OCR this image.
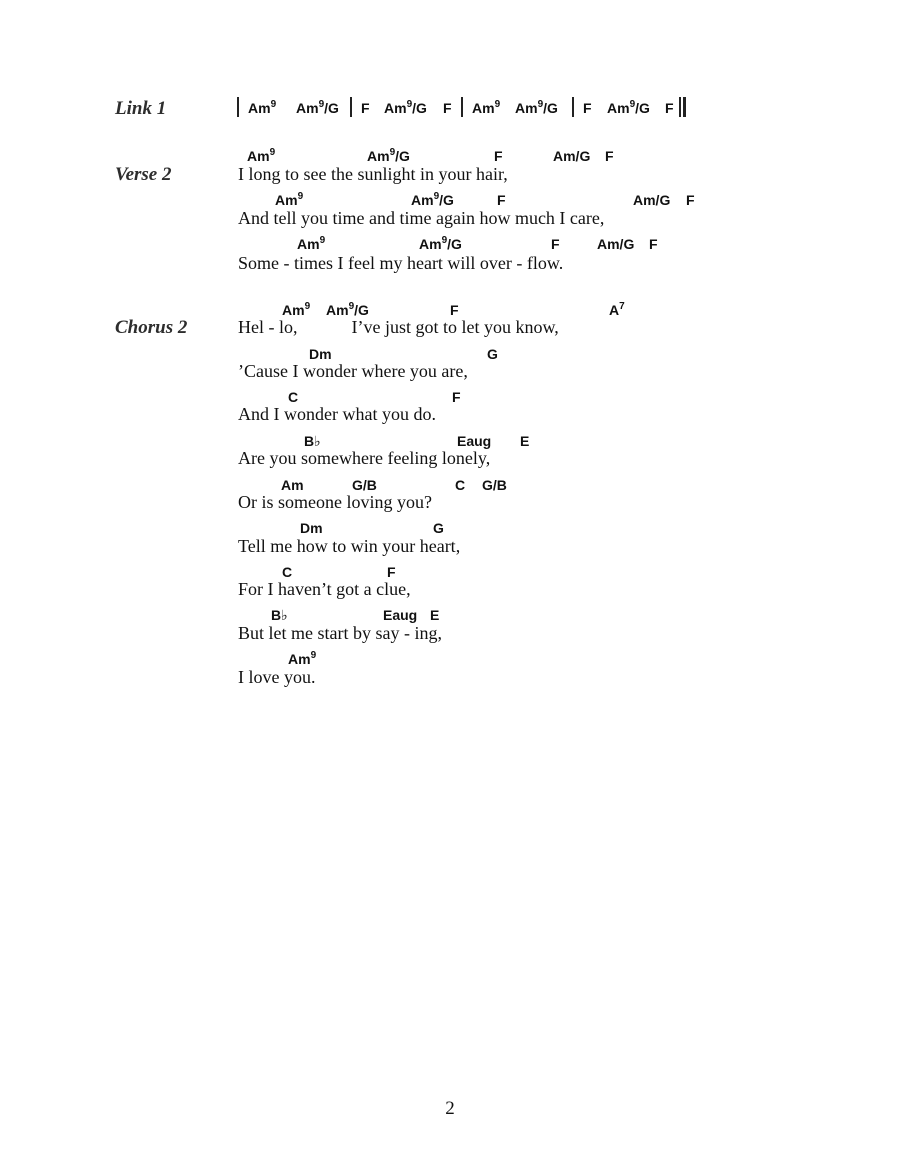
Link 1	Am$^9$ Am$^9$/G F Am$^9$/G F Am$^9$ Am$^9$/G F Am$^9$/G F
Verse 2
Am$^9$	Am$^9$/G	F	Am/G F
I long to see the sunlight in your hair,
Am$^9$	Am$^9$/G	F	Am/G F
And tell you time and time again how much I care,
Am$^9$	Am$^9$/G	F	Am/G F
Some - times I feel my heart will over - flow.
Chorus 2
Am$^9$ Am$^9$/G	F	$A^7$
Hel - lo,            I’ve just got to let you know,
Dm	G
’Cause I wonder where you are,
C	F
And I wonder what you do.
B♭	Eaug E
Are you somewhere feeling lonely,
Am	G/B	C G/B
Or is someone loving you?
Dm	G
Tell me how to win your heart,
C	F
For I haven’t got a clue,
B♭	Eaug E
But let me start by say - ing,
Am$^9$
I love you.
2
